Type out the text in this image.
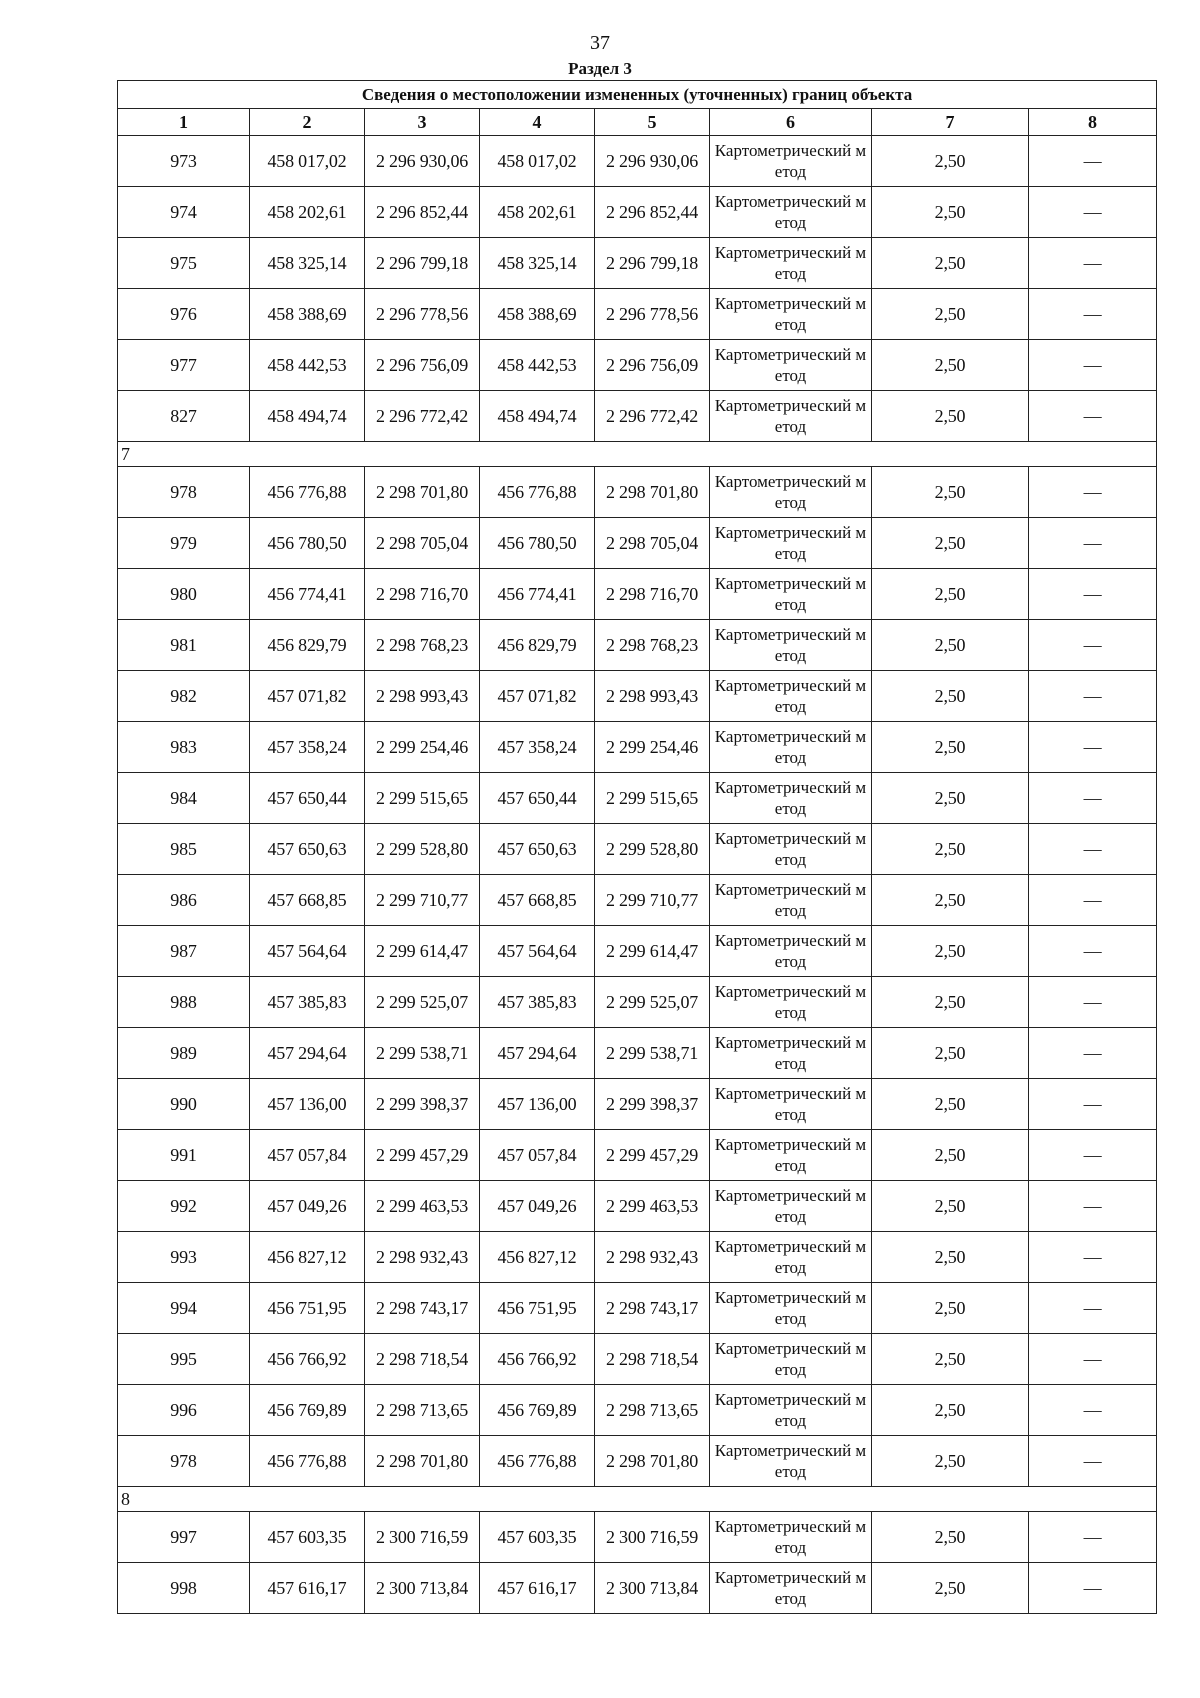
37
Раздел 3
Сведения о местоположении измененных (уточненных) границ объекта							
1	2	3	4	5	6	7	8
973	458 017,02	2 296 930,06	458 017,02	2 296 930,06	Картометрический метод	2,50	—
974	458 202,61	2 296 852,44	458 202,61	2 296 852,44	Картометрический метод	2,50	—
975	458 325,14	2 296 799,18	458 325,14	2 296 799,18	Картометрический метод	2,50	—
976	458 388,69	2 296 778,56	458 388,69	2 296 778,56	Картометрический метод	2,50	—
977	458 442,53	2 296 756,09	458 442,53	2 296 756,09	Картометрический метод	2,50	—
827	458 494,74	2 296 772,42	458 494,74	2 296 772,42	Картометрический метод	2,50	—
7							
978	456 776,88	2 298 701,80	456 776,88	2 298 701,80	Картометрический метод	2,50	—
979	456 780,50	2 298 705,04	456 780,50	2 298 705,04	Картометрический метод	2,50	—
980	456 774,41	2 298 716,70	456 774,41	2 298 716,70	Картометрический метод	2,50	—
981	456 829,79	2 298 768,23	456 829,79	2 298 768,23	Картометрический метод	2,50	—
982	457 071,82	2 298 993,43	457 071,82	2 298 993,43	Картометрический метод	2,50	—
983	457 358,24	2 299 254,46	457 358,24	2 299 254,46	Картометрический метод	2,50	—
984	457 650,44	2 299 515,65	457 650,44	2 299 515,65	Картометрический метод	2,50	—
985	457 650,63	2 299 528,80	457 650,63	2 299 528,80	Картометрический метод	2,50	—
986	457 668,85	2 299 710,77	457 668,85	2 299 710,77	Картометрический метод	2,50	—
987	457 564,64	2 299 614,47	457 564,64	2 299 614,47	Картометрический метод	2,50	—
988	457 385,83	2 299 525,07	457 385,83	2 299 525,07	Картометрический метод	2,50	—
989	457 294,64	2 299 538,71	457 294,64	2 299 538,71	Картометрический метод	2,50	—
990	457 136,00	2 299 398,37	457 136,00	2 299 398,37	Картометрический метод	2,50	—
991	457 057,84	2 299 457,29	457 057,84	2 299 457,29	Картометрический метод	2,50	—
992	457 049,26	2 299 463,53	457 049,26	2 299 463,53	Картометрический метод	2,50	—
993	456 827,12	2 298 932,43	456 827,12	2 298 932,43	Картометрический метод	2,50	—
994	456 751,95	2 298 743,17	456 751,95	2 298 743,17	Картометрический метод	2,50	—
995	456 766,92	2 298 718,54	456 766,92	2 298 718,54	Картометрический метод	2,50	—
996	456 769,89	2 298 713,65	456 769,89	2 298 713,65	Картометрический метод	2,50	—
978	456 776,88	2 298 701,80	456 776,88	2 298 701,80	Картометрический метод	2,50	—
8							
997	457 603,35	2 300 716,59	457 603,35	2 300 716,59	Картометрический метод	2,50	—
998	457 616,17	2 300 713,84	457 616,17	2 300 713,84	Картометрический метод	2,50	—
